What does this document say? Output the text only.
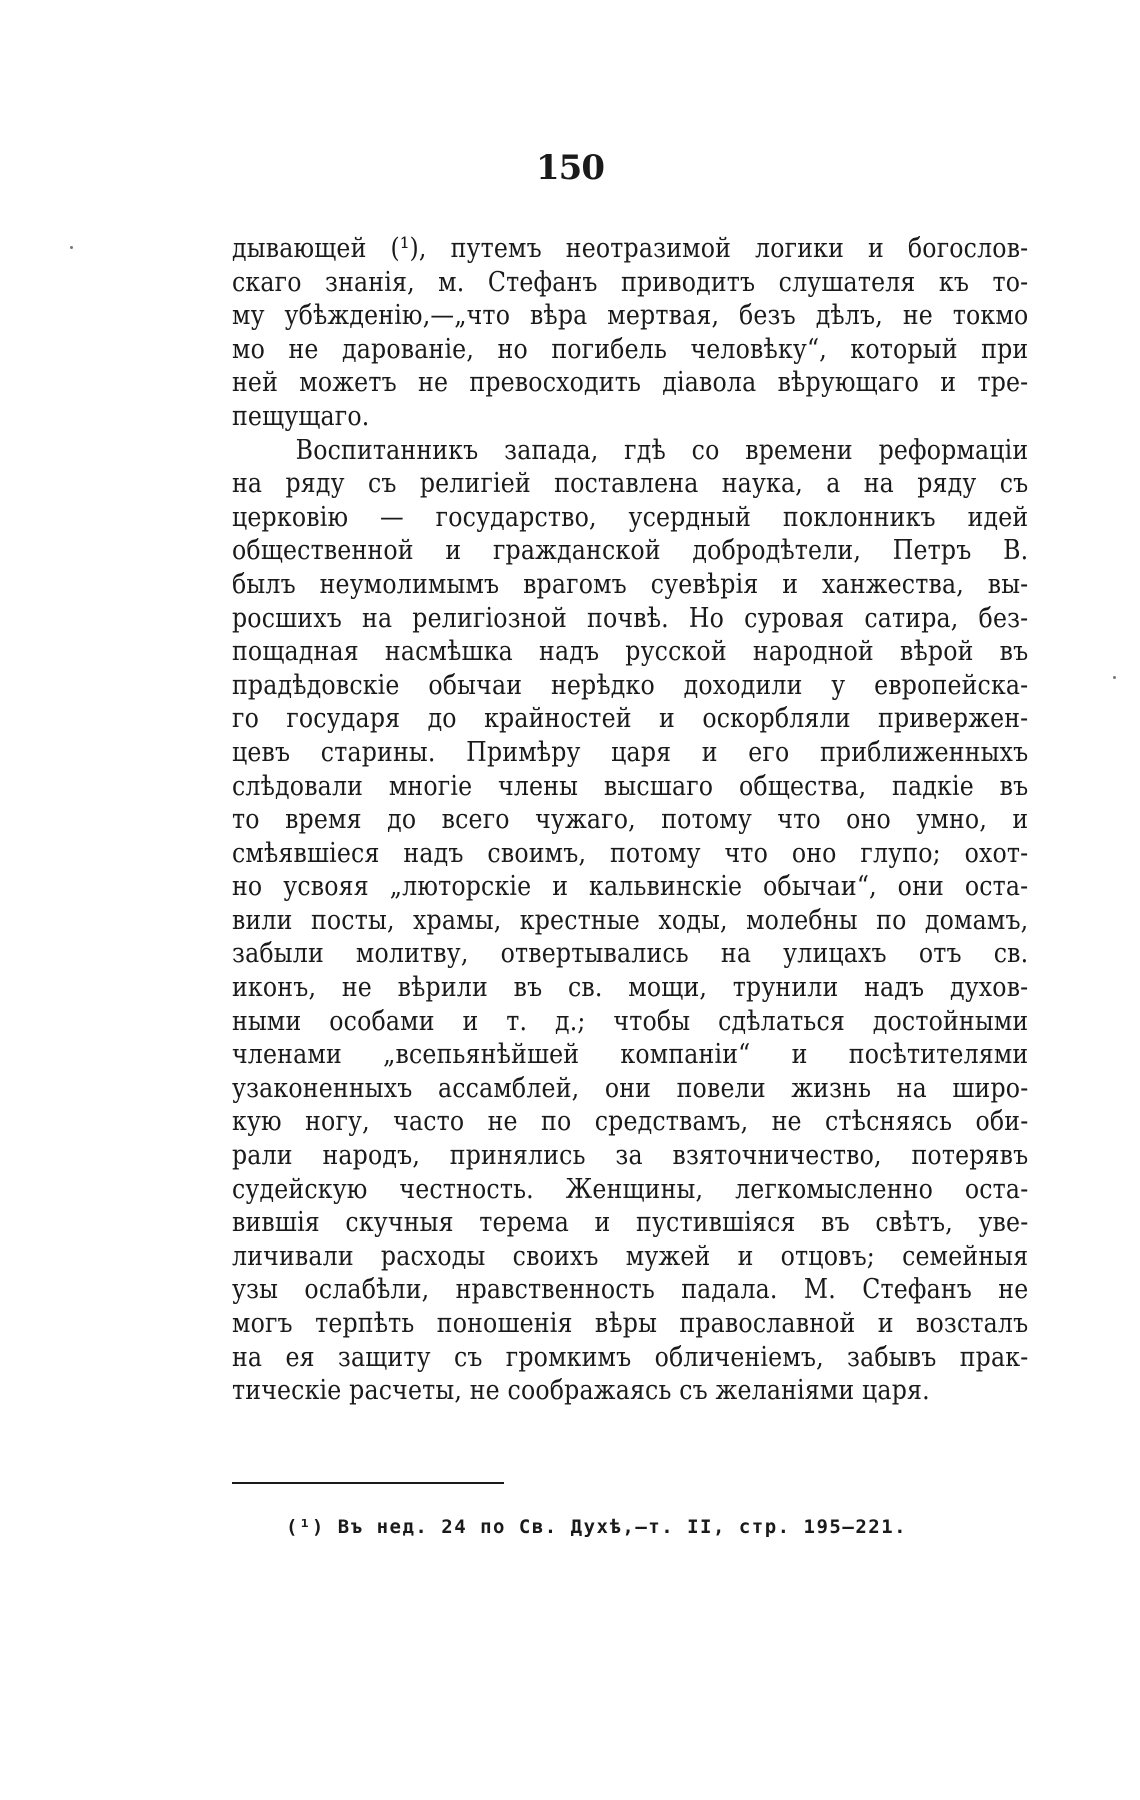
150
дывающей (¹), путемъ неотразимой логики и богослов-
скаго знанія, м. Стефанъ приводитъ слушателя къ то-
му убѣжденію,—„что вѣра мертвая, безъ дѣлъ, не токмо
мо не дарованіе, но погибель человѣку“, который при
ней можетъ не превосходить діавола вѣрующаго и тре-
пещущаго.
Воспитанникъ запада, гдѣ со времени реформаціи
на ряду съ религіей поставлена наука, а на ряду съ
церковію — государство, усердный поклонникъ идей
общественной и гражданской добродѣтели, Петръ В.
былъ неумолимымъ врагомъ суевѣрія и ханжества, вы-
росшихъ на религіозной почвѣ. Но суровая сатира, без-
пощадная насмѣшка надъ русской народной вѣрой въ
прадѣдовскіе обычаи нерѣдко доходили у европейска-
го государя до крайностей и оскорбляли привержен-
цевъ старины. Примѣру царя и его приближенныхъ
слѣдовали многіе члены высшаго общества, падкіе въ
то время до всего чужаго, потому что оно умно, и
смѣявшіеся надъ своимъ, потому что оно глупо; охот-
но усвояя „люторскіе и кальвинскіе обычаи“, они оста-
вили посты, храмы, крестные ходы, молебны по домамъ,
забыли молитву, отвертывались на улицахъ отъ св.
иконъ, не вѣрили въ св. мощи, трунили надъ духов-
ными особами и т. д.; чтобы сдѣлаться достойными
членами „всепьянѣйшей компаніи“ и посѣтителями
узаконенныхъ ассамблей, они повели жизнь на широ-
кую ногу, часто не по средствамъ, не стѣсняясь оби-
рали народъ, принялись за взяточничество, потерявъ
судейскую честность. Женщины, легкомысленно оста-
вившія скучныя терема и пустившіяся въ свѣтъ, уве-
личивали расходы своихъ мужей и отцовъ; семейныя
узы ослабѣли, нравственность падала. М. Стефанъ не
могъ терпѣть поношенія вѣры православной и возсталъ
на ея защиту съ громкимъ обличеніемъ, забывъ прак-
тическіе расчеты, не соображаясь съ желаніями царя.
(¹) Въ нед. 24 по Св. Духѣ,—т. II, стр. 195—221.
